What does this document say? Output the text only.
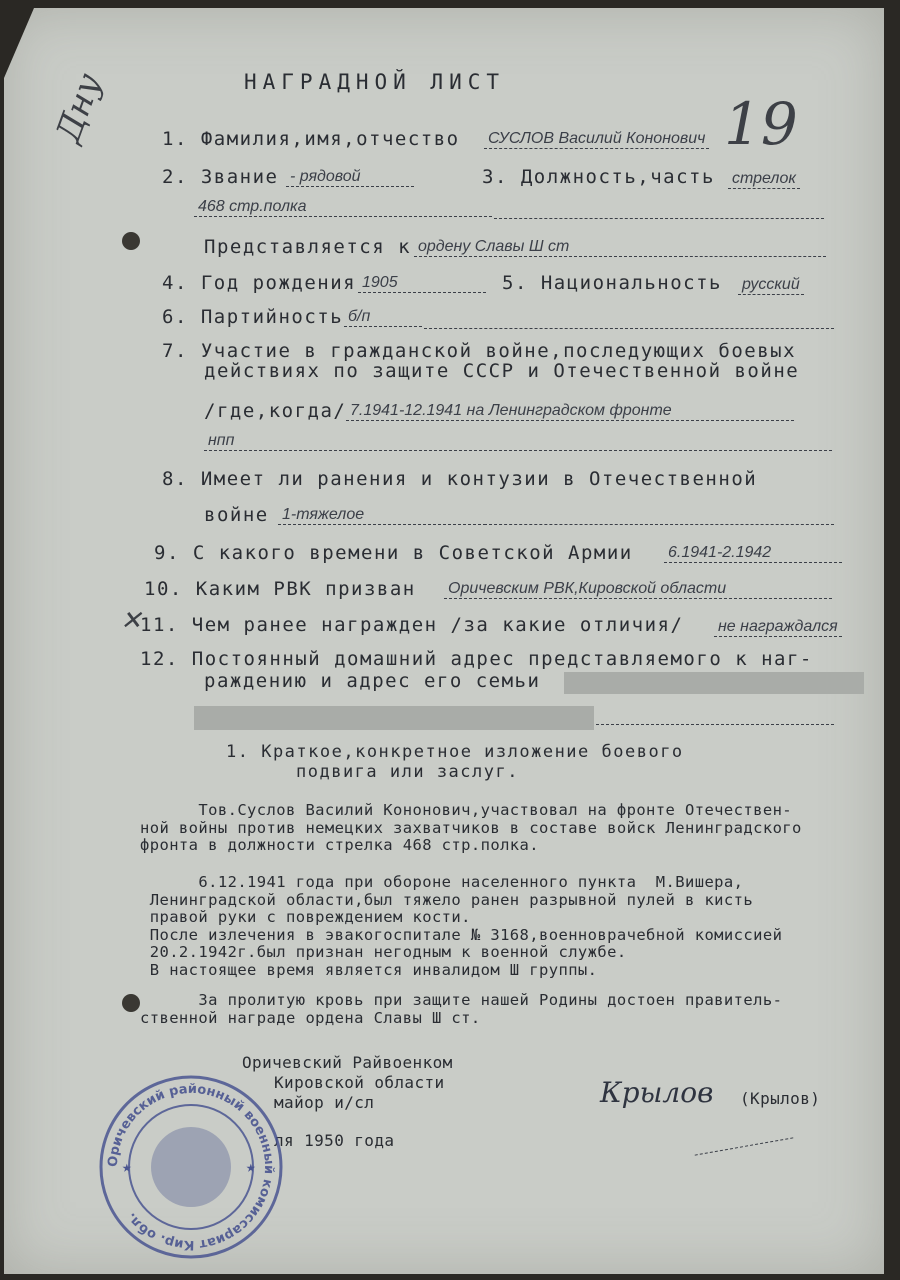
Дну	19
НАГРАДНОЙ ЛИСТ
1. Фамилия,имя,отчество СУСЛОВ Василий Кононович
2. Звание - рядовой	3. Должность,часть стрелок
468 стр.полка
Представляется к ордену Славы Ш ст
4. Год рождения 1905	5. Национальность русский
6. Партийность б/п
7. Участие в гражданской войне,последующих боевых
действиях по защите СССР и Отечественной войне
/где,когда/ 7.1941-12.1941 на Ленинградском фронте
нпп
8. Имеет ли ранения и контузии в Отечественной
войне 1-тяжелое
9. С какого времени в Советской Армии 6.1941-2.1942
10. Каким РВК призван Оричевским РВК,Кировской области
✕
11. Чем ранее награжден /за какие отличия/ не награждался
12. Постоянный домашний адрес представляемого к наг-
раждению и адрес его семьи
1. Краткое,конкретное изложение боевого
подвига или заслуг.
Тов.Суслов Василий Кононович,участвовал на фронте Отечествен-
ной войны против немецких захватчиков в составе войск Ленинградского
фронта в должности стрелка 468 стр.полка.
6.12.1941 года при обороне населенного пункта  М.Вишера,
Ленинградской области,был тяжело ранен разрывной пулей в кисть
правой руки с повреждением кости.
После излечения в эвакогоспитале № 3168,военноврачебной комиссией
20.2.1942г.был признан негодным к военной службе.
В настоящее время является инвалидом Ш группы.
За пролитую кровь при защите нашей Родины достоен правитель-
ственной награде ордена Славы Ш ст.
Оричевский Райвоенком
Кировской области
майор и/сл	Крылов (Крылов)
ля 1950 года
Оричевский районный военный комиссариат Кир. обл.
★	★
